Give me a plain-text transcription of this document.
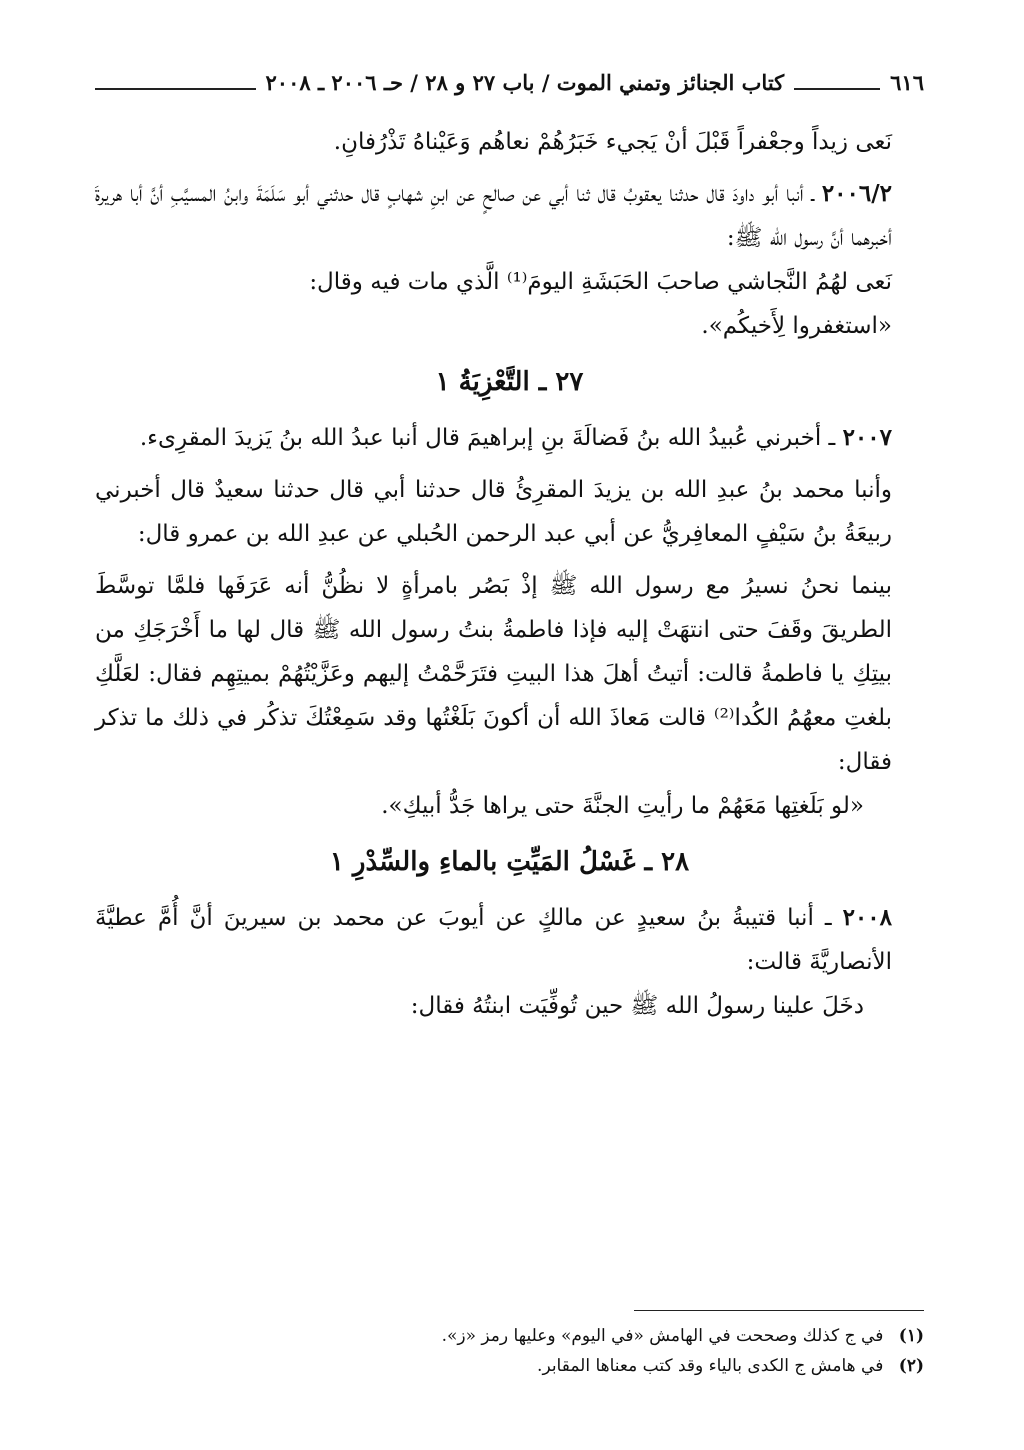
٦١٦
كتاب الجنائز وتمني الموت / باب ٢٧ و ٢٨ / حـ ٢٠٠٦ ـ ٢٠٠٨

نَعى زيداً وجعْفراً قَبْلَ أنْ يَجيء خَبَرُهُمْ نعاهُم وَعَيْناهُ تَذْرُفانِ.

٢٠٠٦/٢ ـ أنبا أبو داودَ قال حدثنا يعقوبُ قال ثنا أبي عن صالحٍ عن ابنِ شهابٍ قال حدثني أبو سَلَمَةَ وابنُ المسيَّبِ أنَّ أبا هريرةَ أخبرهما أنَّ رسول الله ﷺ:

نَعى لهُمُ النَّجاشي صاحبَ الحَبَشَةِ اليومَ⁽¹⁾ الَّذي مات فيه وقال:

«استغفروا لِأَخيكُم».

٢٧ ـ التَّعْزِيَةُ ١

٢٠٠٧ ـ أخبرني عُبيدُ الله بنُ فَضالَةَ بنِ إبراهيمَ قال أنبا عبدُ الله بنُ يَزيدَ المقرِىء.

وأنبا محمد بنُ عبدِ الله بن يزيدَ المقرِئُ قال حدثنا أبي قال حدثنا سعيدٌ قال أخبرني ربيعَةُ بنُ سَيْفٍ المعافِريُّ عن أبي عبد الرحمن الحُبلي عن عبدِ الله بن عمرو قال:

بينما نحنُ نسيرُ مع رسول الله ﷺ إذْ بَصُر بامرأةٍ لا نظُنُّ أنه عَرَفَها فلمَّا توسَّطَ الطريقَ وقَفَ حتى انتهَتْ إليه فإذا فاطمةُ بنتُ رسول الله ﷺ قال لها ما أَخْرَجَكِ من بيتِكِ يا فاطمةُ قالت: أتيتُ أهلَ هذا البيتِ فتَرَحَّمْتُ إليهم وعَزَّيْتُهُمْ بميتِهِم فقال: لعَلَّكِ بلغتِ معهُمُ الكُدا⁽²⁾ قالت مَعاذَ الله أن أكونَ بَلَغْتُها وقد سَمِعْتُكَ تذكُر في ذلك ما تذكر فقال:

«لو بَلَغتِها مَعَهُمْ ما رأيتِ الجنَّةَ حتى يراها جَدُّ أبيكِ».

٢٨ ـ غَسْلُ المَيِّتِ بالماءِ والسِّدْرِ ١

٢٠٠٨ ـ أنبا قتيبةُ بنُ سعيدٍ عن مالكٍ عن أيوبَ عن محمد بن سيرينَ أنَّ أُمَّ عطيَّةَ الأنصاريَّةَ قالت:

دخَلَ علينا رسولُ الله ﷺ حين تُوفِّيَت ابنتُهُ فقال:

(١) في ج كذلك وصححت في الهامش «في اليوم» وعليها رمز «ز».

(٢) في هامش ج الكدى بالياء وقد كتب معناها المقابر.
